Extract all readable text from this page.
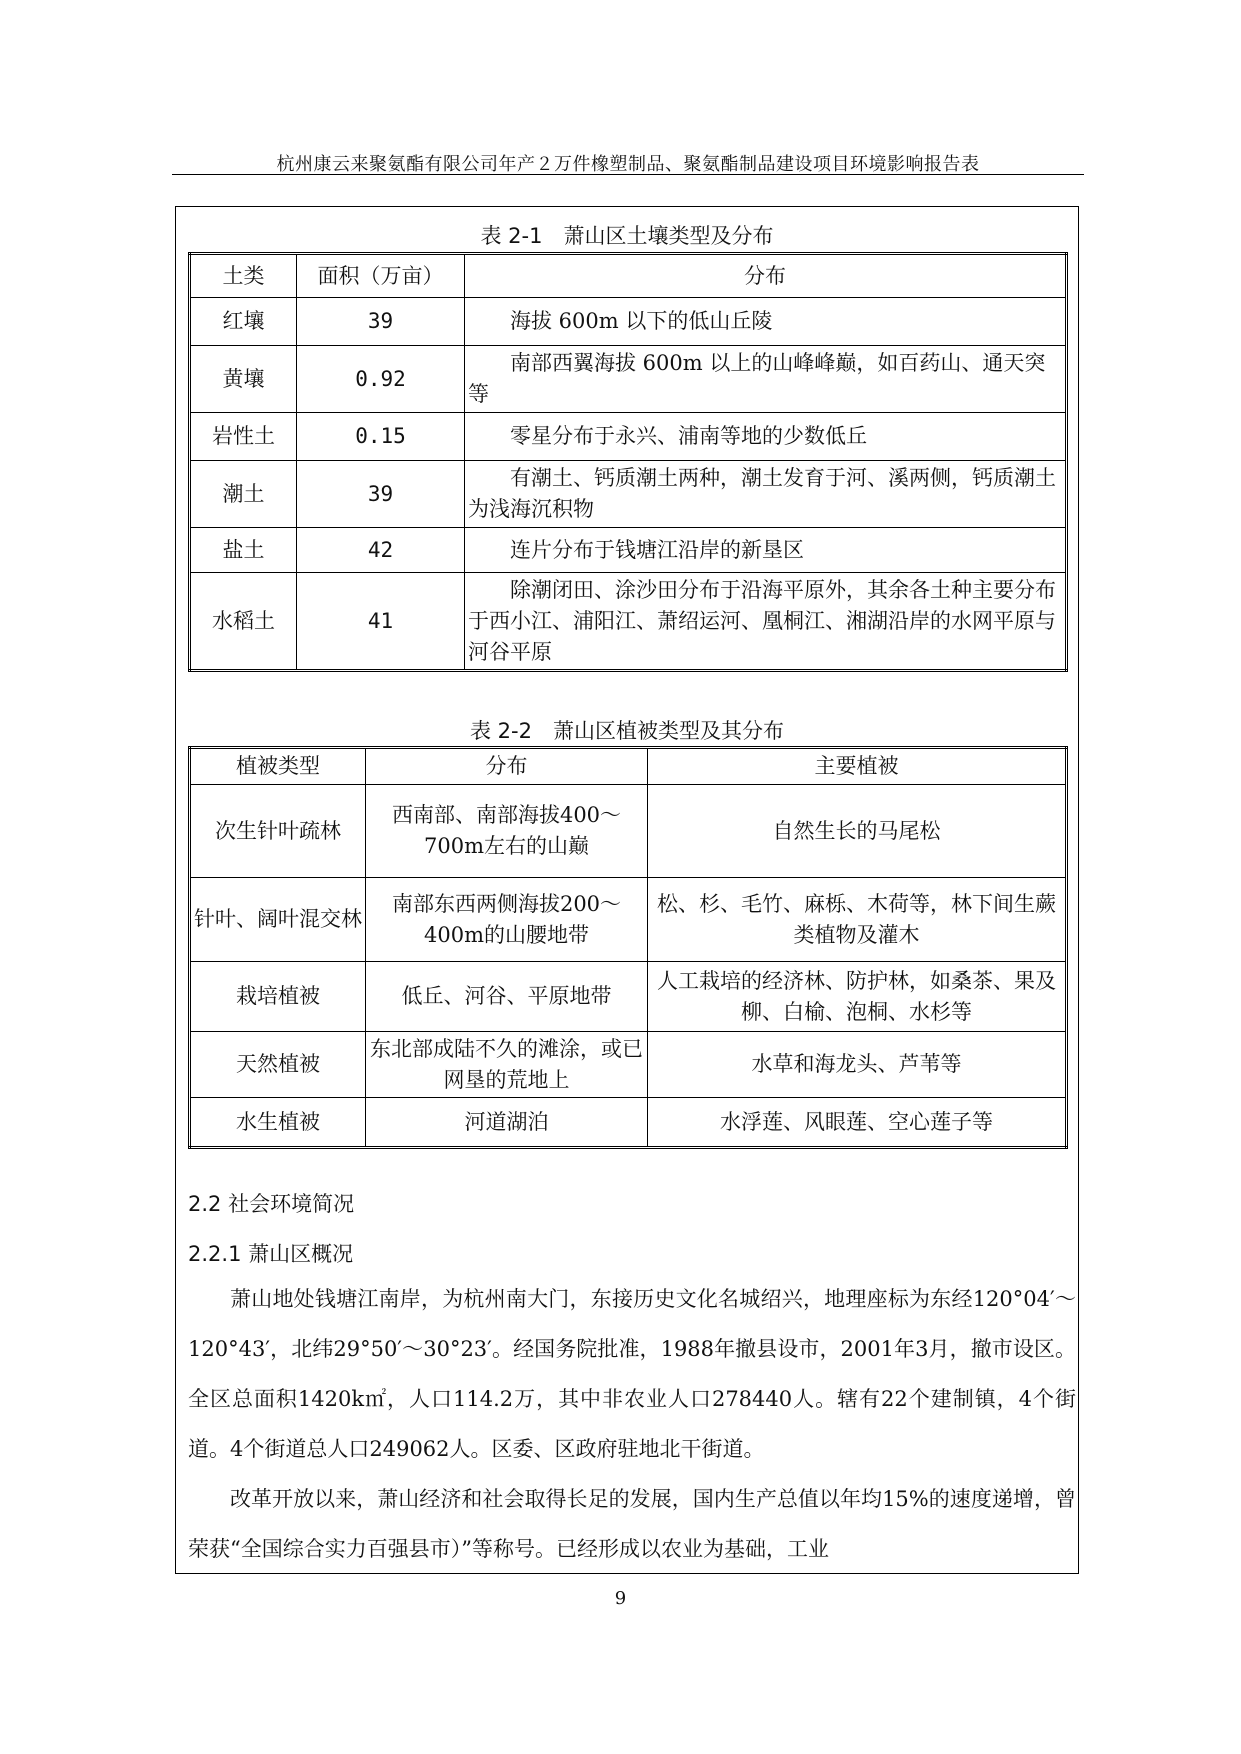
杭州康云来聚氨酯有限公司年产２万件橡塑制品、聚氨酯制品建设项目环境影响报告表
表 2-1　萧山区土壤类型及分布
土类	面积（万亩）	分布
红壤	39	海拔 600m 以下的低山丘陵
黄壤	0.92	南部西翼海拔 600m 以上的山峰峰巅，如百药山、通天突等
岩性土	0.15	零星分布于永兴、浦南等地的少数低丘
潮土	39	有潮土、钙质潮土两种，潮土发育于河、溪两侧，钙质潮土为浅海沉积物
盐土	42	连片分布于钱塘江沿岸的新垦区
水稻土	41	除潮闭田、涂沙田分布于沿海平原外，其余各土种主要分布于西小江、浦阳江、萧绍运河、凰桐江、湘湖沿岸的水网平原与河谷平原
表 2-2　萧山区植被类型及其分布
植被类型	分布	主要植被
次生针叶疏林	西南部、南部海拔400～700m左右的山巅	自然生长的马尾松
针叶、阔叶混交林	南部东西两侧海拔200～400m的山腰地带	松、杉、毛竹、麻栎、木荷等，林下间生蕨类植物及灌木
栽培植被	低丘、河谷、平原地带	人工栽培的经济林、防护林，如桑茶、果及柳、白榆、泡桐、水杉等
天然植被	东北部成陆不久的滩涂，或已网垦的荒地上	水草和海龙头、芦苇等
水生植被	河道湖泊	水浮莲、风眼莲、空心莲子等
2.2 社会环境简况
2.2.1 萧山区概况

萧山地处钱塘江南岸，为杭州南大门，东接历史文化名城绍兴，地理座标为东经120°04′～120°43′，北纬29°50′～30°23′。经国务院批准，1988年撤县设市，2001年3月，撤市设区。全区总面积1420k㎡，人口114.2万，其中非农业人口278440人。辖有22个建制镇，4个街道。4个街道总人口249062人。区委、区政府驻地北干街道。

改革开放以来，萧山经济和社会取得长足的发展，国内生产总值以年均15%的速度递增，曾荣获“全国综合实力百强县市）”等称号。已经形成以农业为基础，工业

9
